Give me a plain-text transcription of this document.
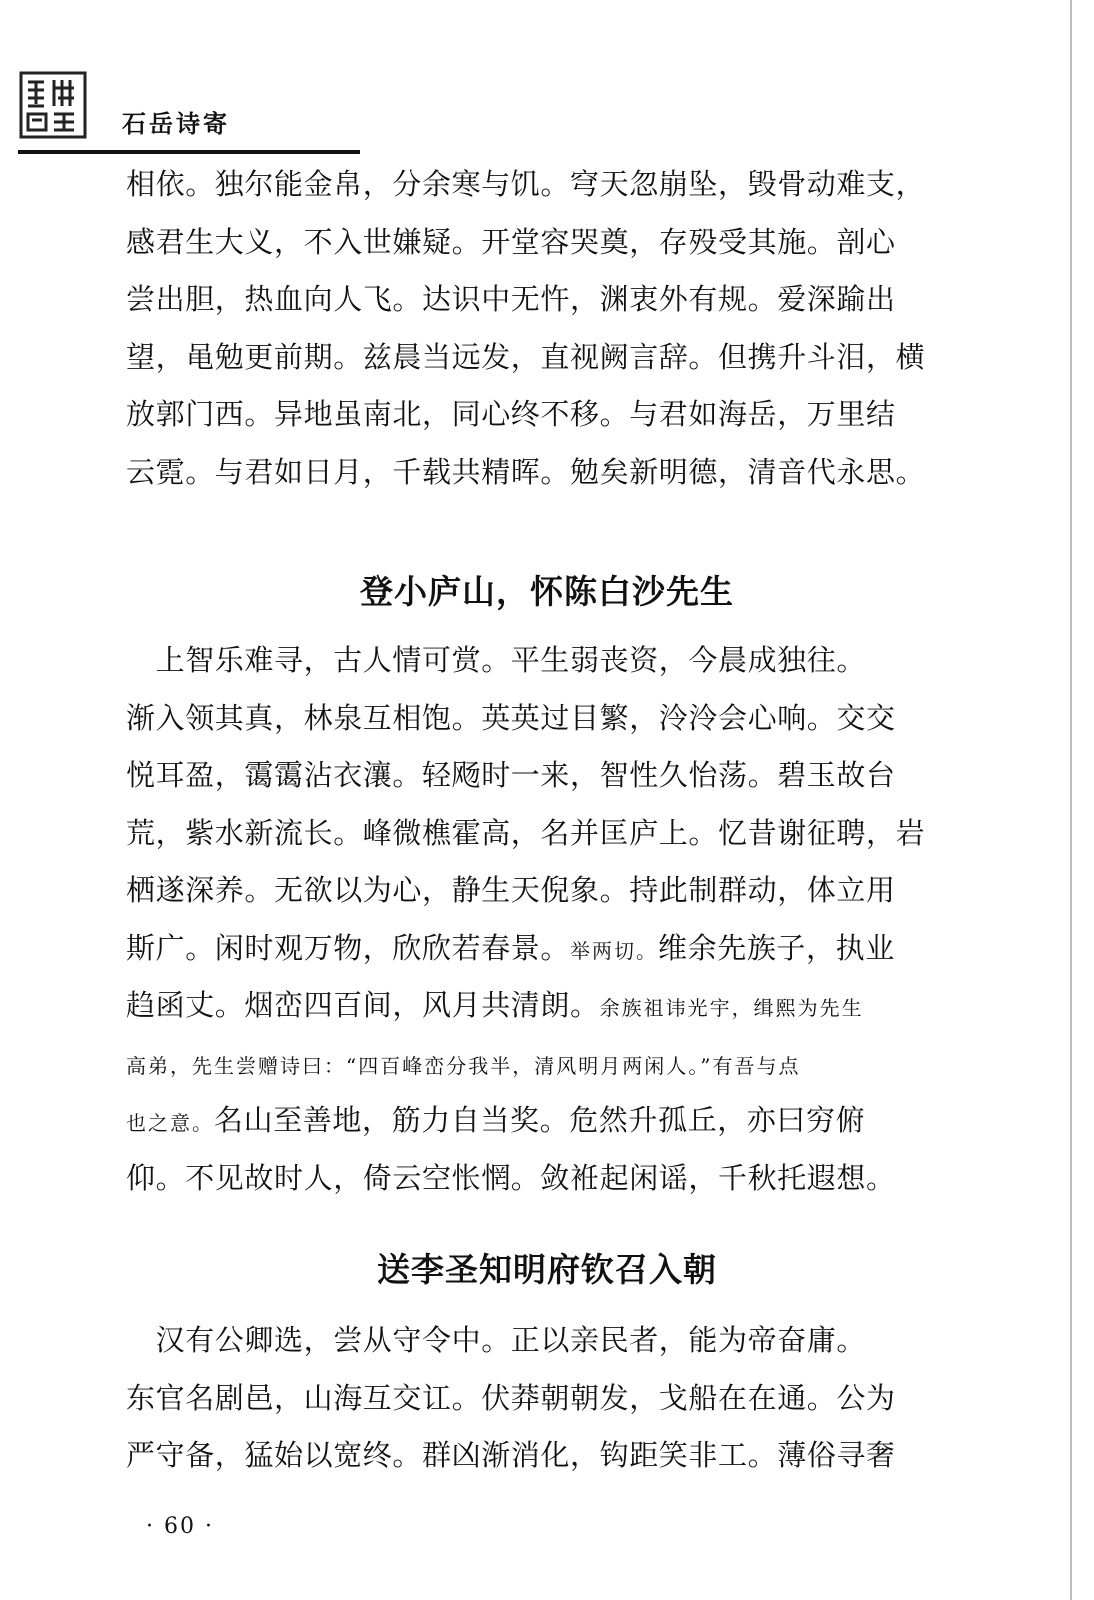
石岳诗寄
相依。独尔能金帛，分余寒与饥。穹天忽崩坠，毁骨动难支，
感君生大义，不入世嫌疑。开堂容哭奠，存殁受其施。剖心
尝出胆，热血向人飞。达识中无忤，渊衷外有规。爱深踰出
望，黾勉更前期。兹晨当远发，直视阙言辞。但携升斗泪，横
放郭门西。异地虽南北，同心终不移。与君如海岳，万里结
云霓。与君如日月，千载共精晖。勉矣新明德，清音代永思。
登小庐山，怀陈白沙先生
　上智乐难寻，古人情可赏。平生弱丧资，今晨成独往。
渐入领其真，林泉互相饱。英英过目繁，泠泠会心响。交交
悦耳盈，霭霭沾衣瀼。轻飏时一来，智性久怡荡。碧玉故台
荒，紫水新流长。峰微樵霍高，名并匡庐上。忆昔谢征聘，岩
栖遂深养。无欲以为心，静生天倪象。持此制群动，体立用
斯广。闲时观万物，欣欣若春景。举两切。维余先族子，执业
趋函丈。烟峦四百间，风月共清朗。余族祖讳光宇，缉熙为先生
高弟，先生尝赠诗曰：“四百峰峦分我半，清风明月两闲人。”有吾与点
也之意。名山至善地，筋力自当奖。危然升孤丘，亦曰穷俯
仰。不见故时人，倚云空怅惘。敛袵起闲谣，千秋托遐想。
送李圣知明府钦召入朝
　汉有公卿选，尝从守令中。正以亲民者，能为帝奋庸。
东官名剧邑，山海互交讧。伏莽朝朝发，戈船在在通。公为
严守备，猛始以宽终。群凶渐消化，钩距笑非工。薄俗寻奢
· 60 ·
